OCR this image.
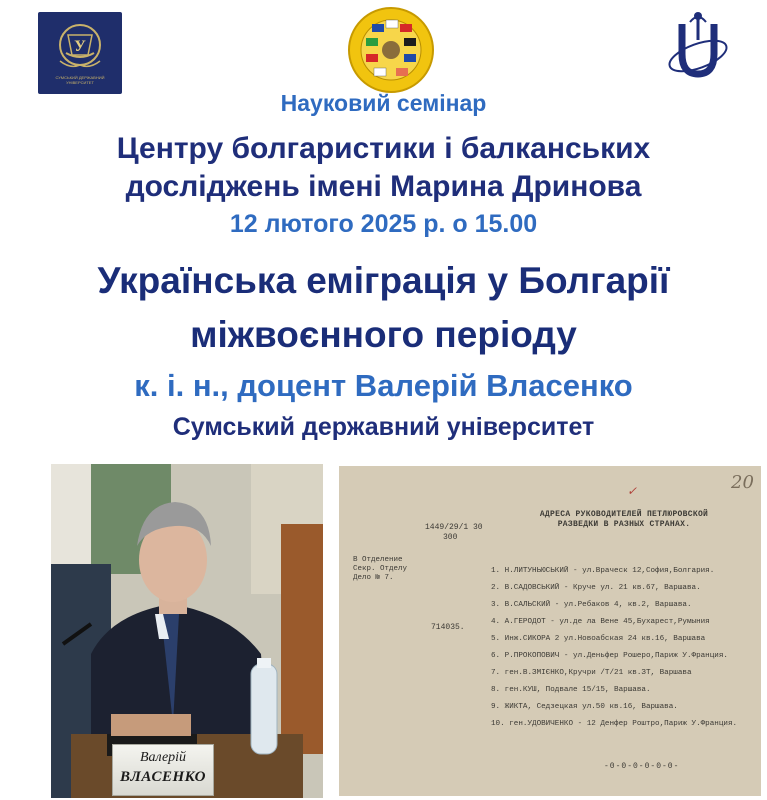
У
СУМСЬКИЙ ДЕРЖАВНИЙ УНІВЕРСИТЕТ
Науковий семінар
Центру болгаристики і балканських
досліджень імені Марина Дринова
12 лютого 2025 р. о 15.00
Українська еміграція у Болгарії
міжвоєнного періоду
к. і. н., доцент Валерій Власенко
Сумський державний університет
Валерій
ВЛАСЕНКО
20
✓
АДРЕСА РУКОВОДИТЕЛЕЙ ПЕТЛЮРОВСКОЙ
РАЗВЕДКИ В РАЗНЫХ СТРАНАХ.
1449/29/1 30
300
В Отделение
Секр. Отделу
Дело № 7.
714035.
1. Н.ЛИТУНЬЮСЬКИЙ - ул.Враческ 12,София,Болгария.
2. В.САДОВСЬКИЙ - Кручe ул. 21 кв.67, Варшава.
3. В.САЛЬСКИЙ - ул.Ребаков 4, кв.2, Варшава.
4. А.ГЕРОДОТ - ул.де ла Вене 45,Бухарест,Румыния
5. Инж.СИКОРА 2 ул.Новоабская 24 кв.16, Варшава
6. Р.ПРОКОПОВИЧ - ул.Деньфер Рошеро,Париж У.Франция.
7. ген.В.ЗМІЄНКО,Кручри /Т/21 кв.ЗТ, Варшава
8. ген.КУШ, Подвале 15/15, Варшава.
9. ЖИКТА, Седзецкая ул.50 кв.16, Варшава.
10. ген.УДОВИЧЕНКО - 12 Денфер Роштро,Париж У.Франция.
-0-0-0-0-0-0-
